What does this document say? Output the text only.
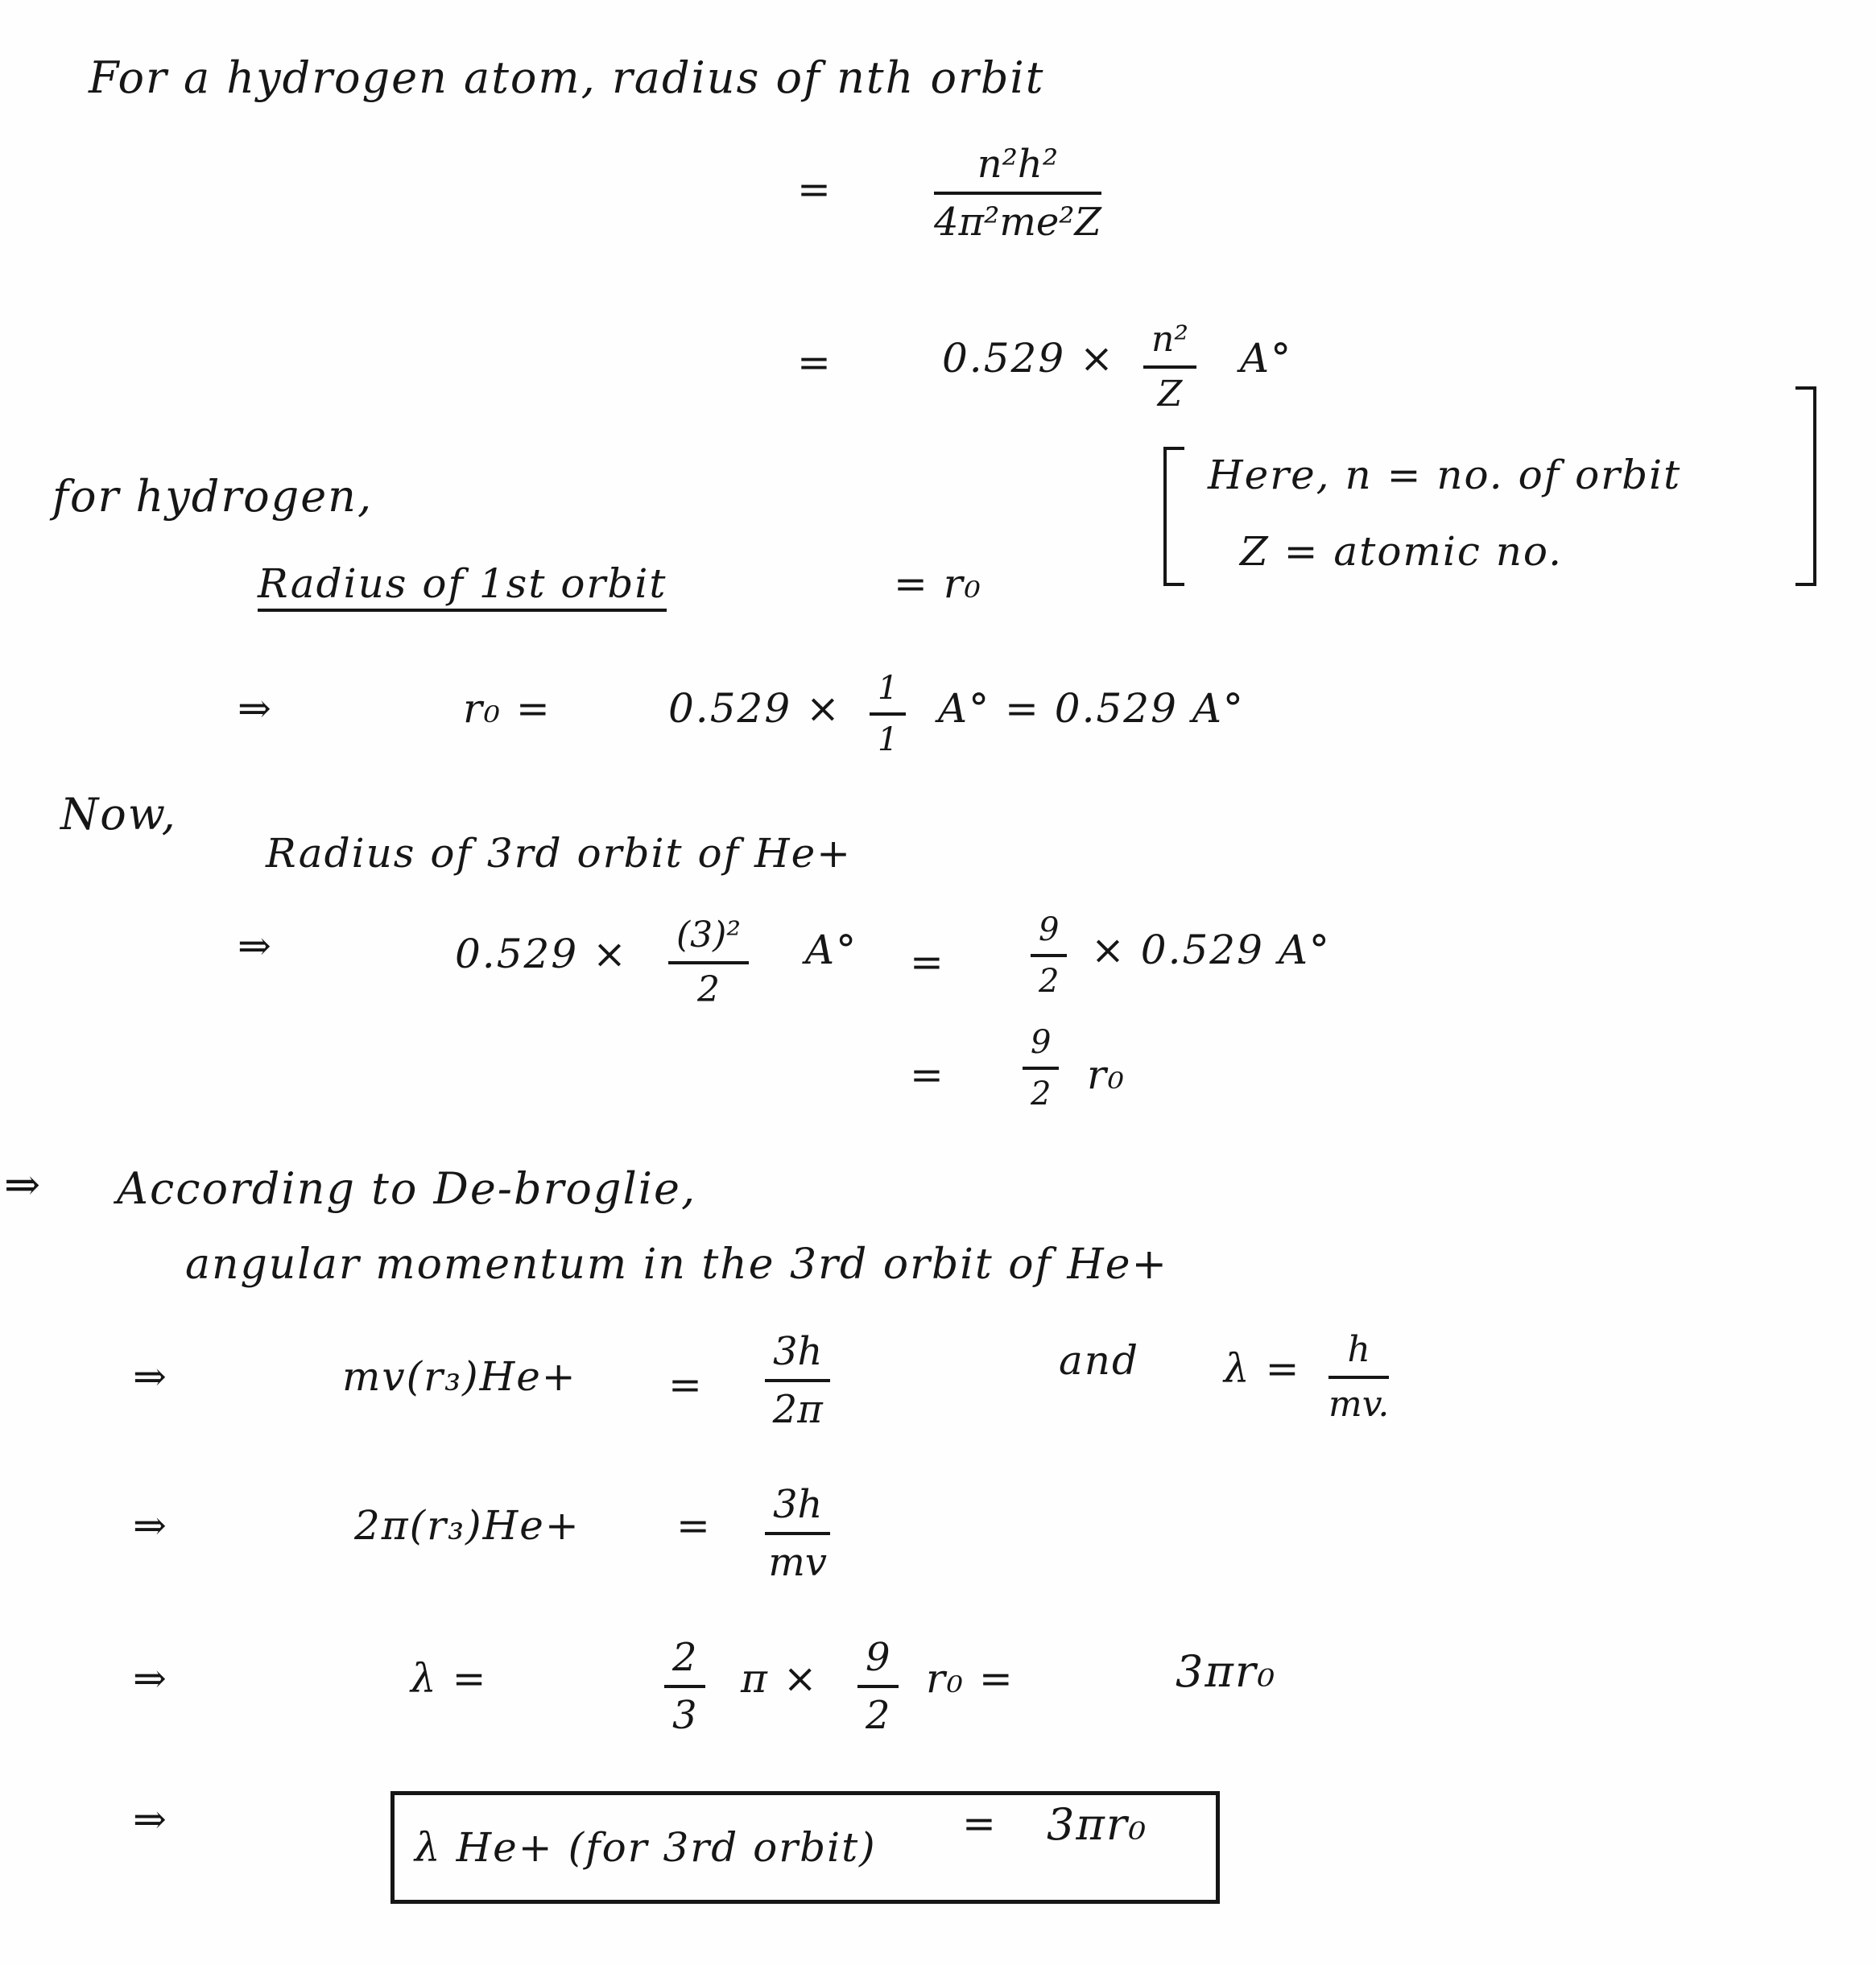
For a hydrogen atom, radius of nth orbit
=
n²h²
4π²me²Z
=	0.529 × n²
Z
A°
Here, n = no. of orbit
Z = atomic no.
for hydrogen,
Radius of 1st orbit	= r₀
⇒	r₀ =	0.529 × 1
1
A° = 0.529 A°
Now,
Radius of 3rd orbit of He+
⇒	0.529 × (3)²
2
A° =
9
2
× 0.529 A°
=
9
2 r₀
⇒ According to De-broglie,
angular momentum in the 3rd orbit of He+
⇒	mv(r₃)He+ =
3h
2π
and λ =	h
mv.
⇒	2π(r₃)He+ = 3h
mv
⇒	λ =	2
3
π × 9
2
r₀ =	3πr₀
⇒
λ He+ (for 3rd orbit)
= 3πr₀
